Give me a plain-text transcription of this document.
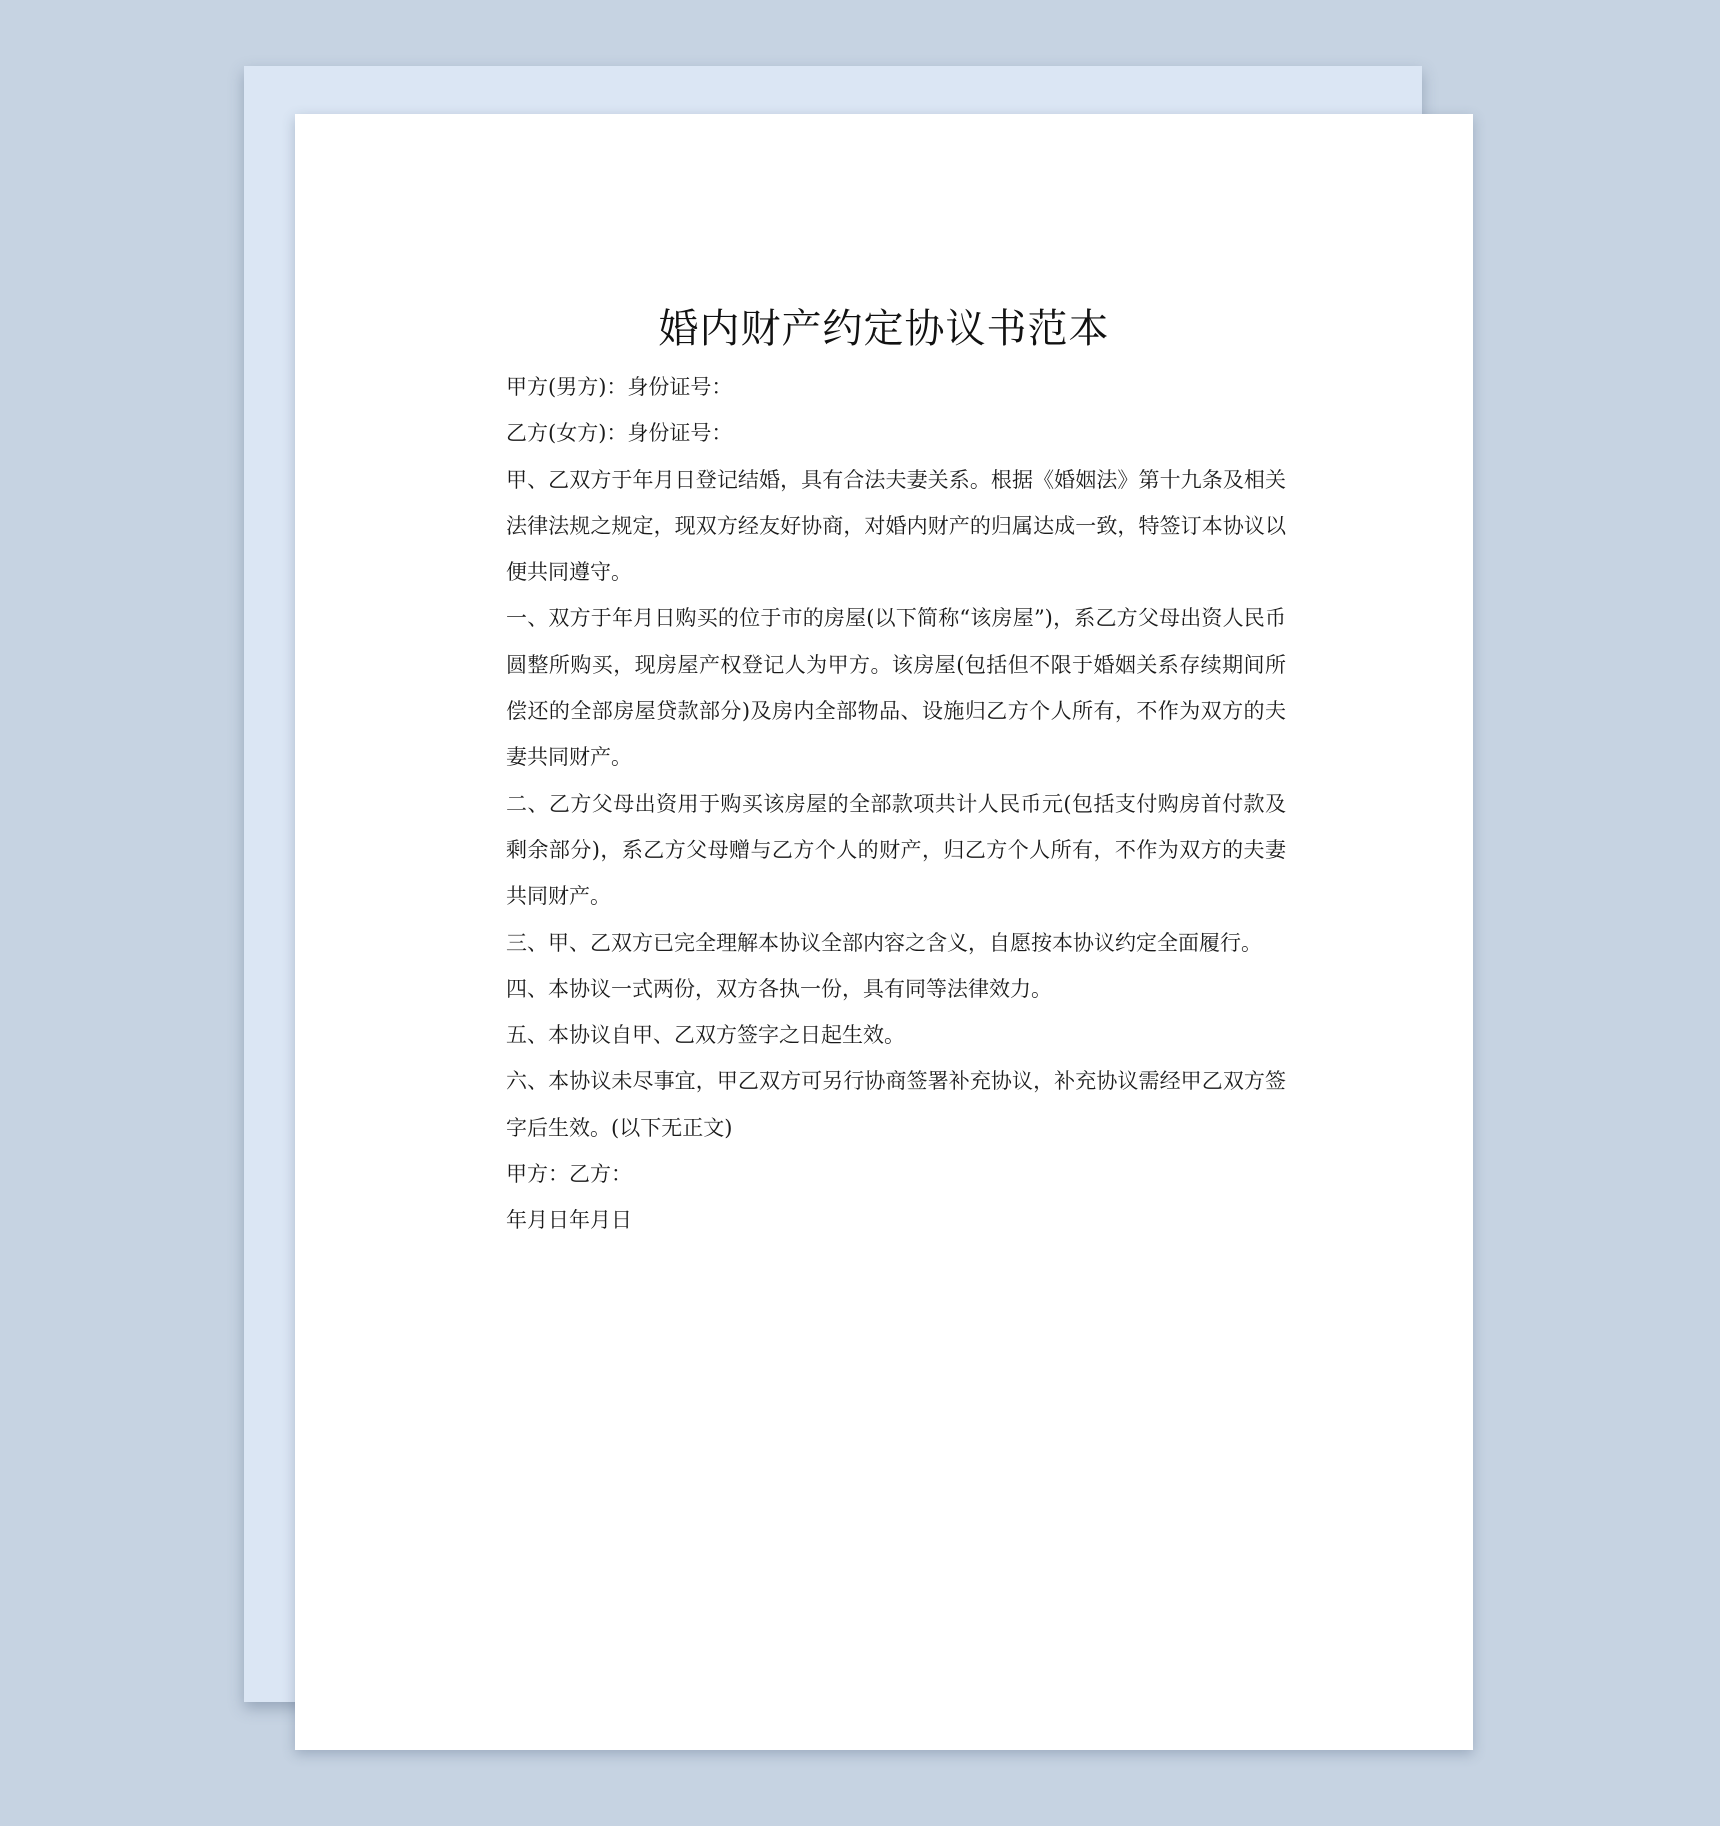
婚内财产约定协议书范本

甲方(男方)：身份证号：

乙方(女方)：身份证号：

甲、乙双方于年月日登记结婚，具有合法夫妻关系。根据《婚姻法》第十九条及相关法律法规之规定，现双方经友好协商，对婚内财产的归属达成一致，特签订本协议以便共同遵守。

一、双方于年月日购买的位于市的房屋(以下简称“该房屋”)，系乙方父母出资人民币圆整所购买，现房屋产权登记人为甲方。该房屋(包括但不限于婚姻关系存续期间所偿还的全部房屋贷款部分)及房内全部物品、设施归乙方个人所有，不作为双方的夫妻共同财产。

二、乙方父母出资用于购买该房屋的全部款项共计人民币元(包括支付购房首付款及剩余部分)，系乙方父母赠与乙方个人的财产，归乙方个人所有，不作为双方的夫妻共同财产。

三、甲、乙双方已完全理解本协议全部内容之含义，自愿按本协议约定全面履行。

四、本协议一式两份，双方各执一份，具有同等法律效力。

五、本协议自甲、乙双方签字之日起生效。

六、本协议未尽事宜，甲乙双方可另行协商签署补充协议，补充协议需经甲乙双方签字后生效。(以下无正文)

甲方：乙方：

年月日年月日
